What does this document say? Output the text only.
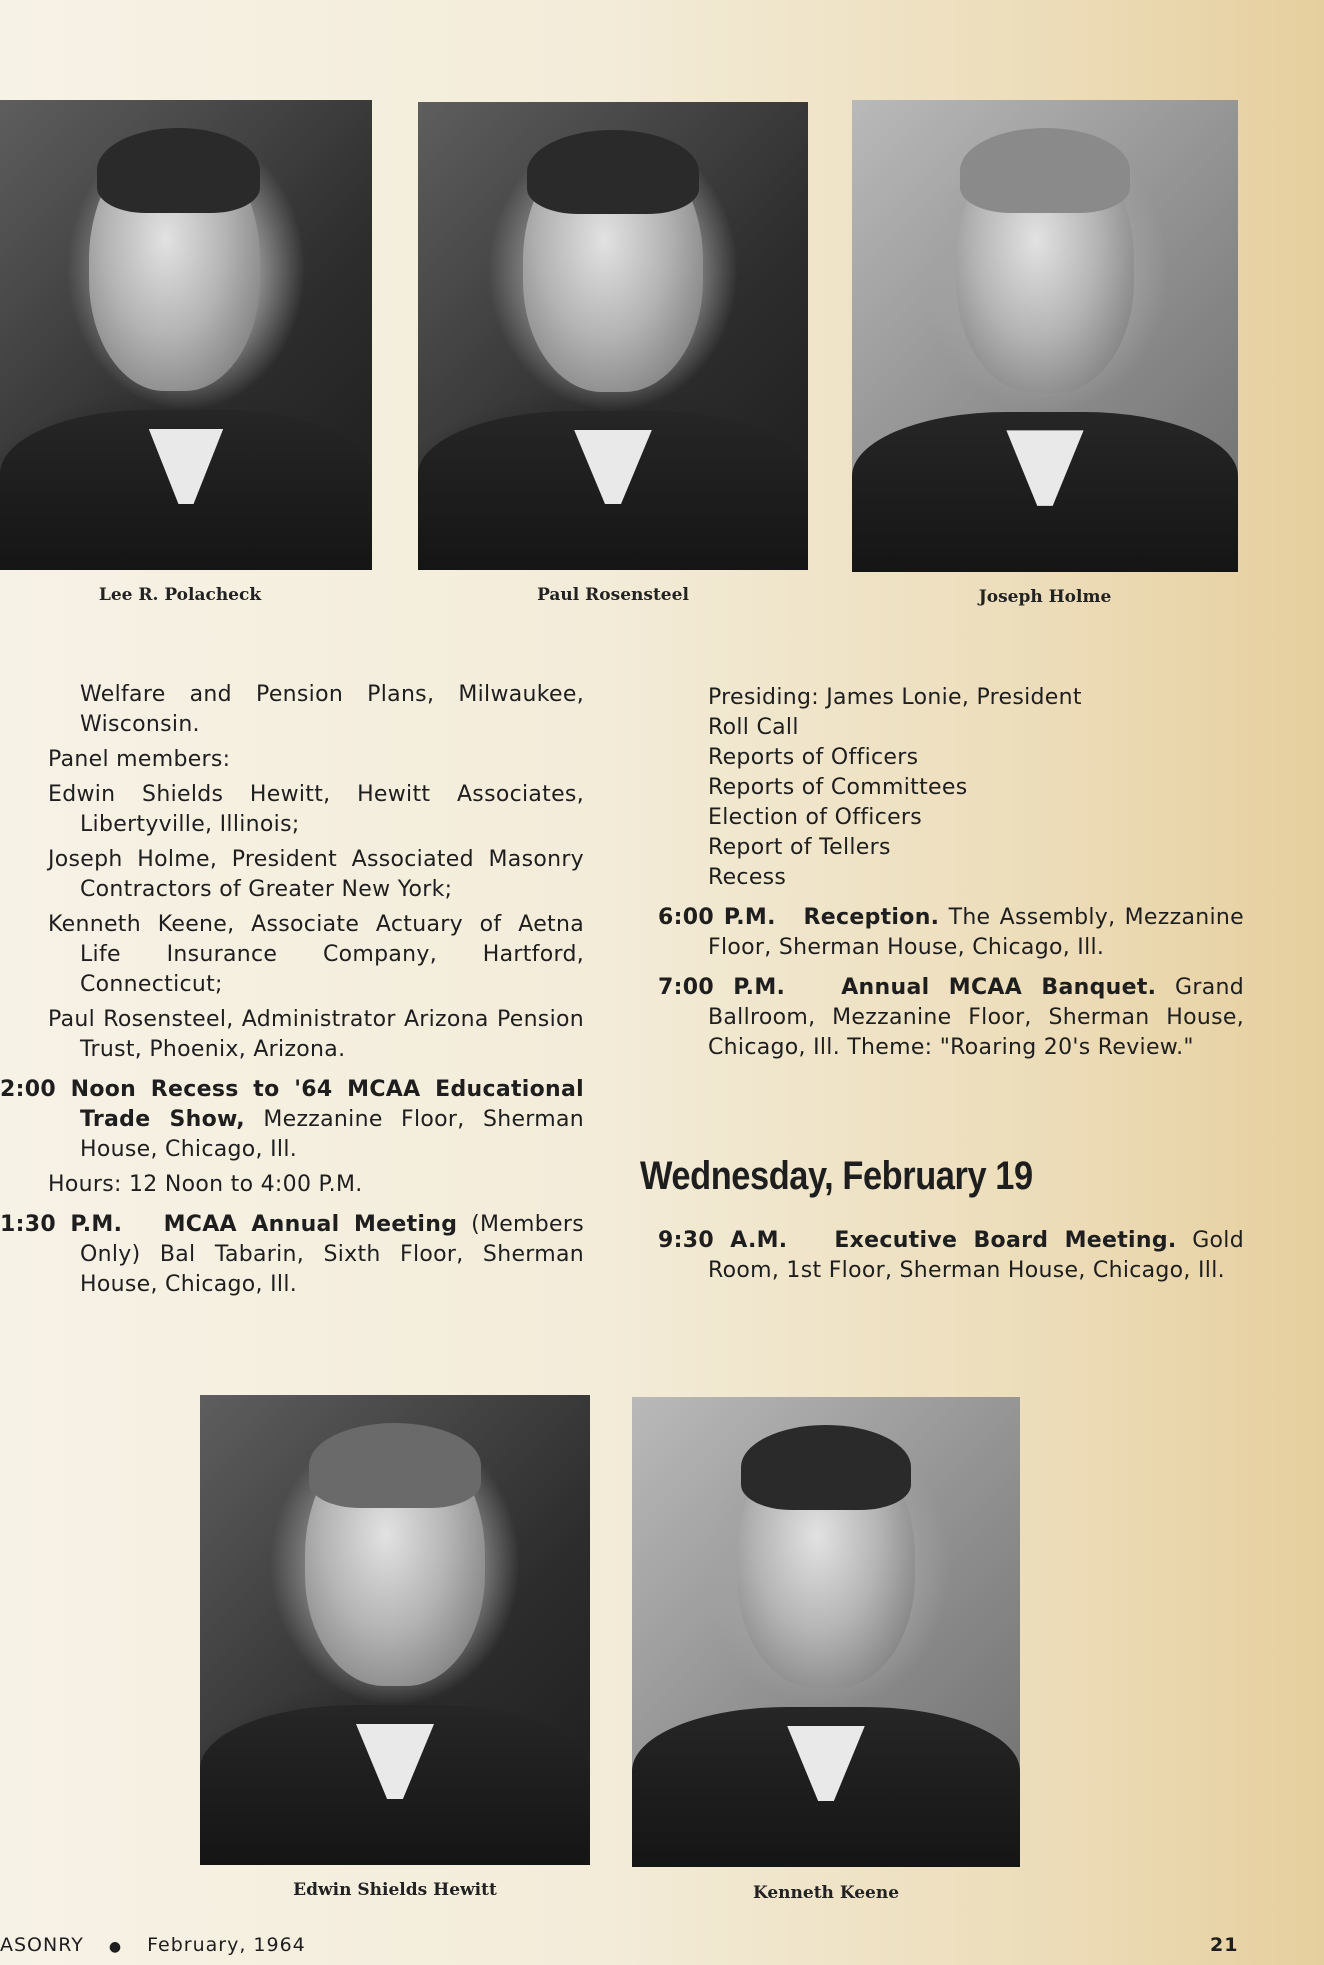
Lee R. Polacheck	Paul Rosensteel	Joseph Holme

Welfare and Pension Plans, Milwaukee, Wisconsin.

Panel members:

Edwin Shields Hewitt, Hewitt Associates, Libertyville, Illinois;

Joseph Holme, President Associated Masonry Contractors of Greater New York;

Kenneth Keene, Associate Actuary of Aetna Life Insurance Company, Hartford, Connecticut;

Paul Rosensteel, Administrator Arizona Pension Trust, Phoenix, Arizona.

2:00 Noon Recess to '64 MCAA Educational Trade Show, Mezzanine Floor, Sherman House, Chicago, Ill.

Hours: 12 Noon to 4:00 P.M.

1:30 P.M. MCAA Annual Meeting (Members Only) Bal Tabarin, Sixth Floor, Sherman House, Chicago, Ill.

Presiding: James Lonie, President
Roll Call
Reports of Officers
Reports of Committees
Election of Officers
Report of Tellers
Recess

6:00 P.M. Reception. The Assembly, Mezzanine Floor, Sherman House, Chicago, Ill.

7:00 P.M.	Annual MCAA Banquet. Grand Ballroom, Mezzanine Floor, Sherman House, Chicago, Ill. Theme: "Roaring 20's Review."

Wednesday, February 19

9:30 A.M. Executive Board Meeting. Gold Room, 1st Floor, Sherman House, Chicago, Ill.

Edwin Shields Hewitt	Kenneth Keene
ASONRY ● February, 1964	21
